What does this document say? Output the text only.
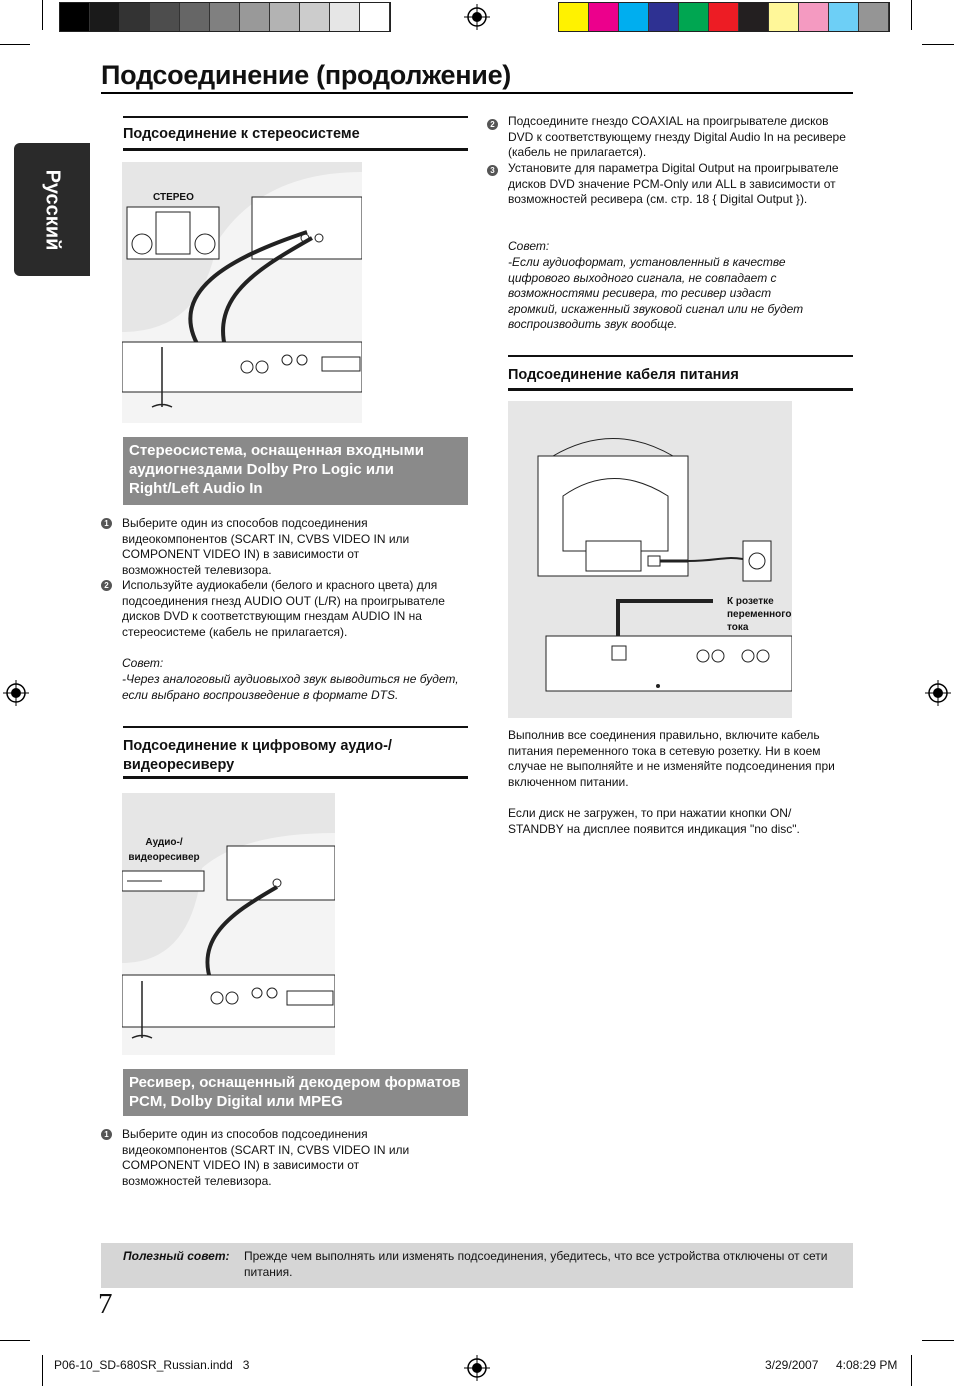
Подсоединение (продолжение)
Русский
Подсоединение к стереосистеме
СТЕРЕО
Стереосистема, оснащенная входными аудиогнездами Dolby Pro Logic или Right/Left Audio In
1 Выберите один из способов подсоединения видеокомпонентов (SCART IN, CVBS VIDEO IN или COMPONENT VIDEO IN) в зависимости от возможностей телевизора.
2 Используйте аудиокабели (белого и красного цвета) для подсоединения гнезд AUDIO OUT (L/R) на проигрывателе дисков DVD к соответствующим гнездам AUDIO IN на стереосистеме (кабель не прилагается).
Совет:
-Через аналоговый аудиовыход звук выводиться не будет, если выбрано воспроизведение в формате DTS.
Подсоединение к цифровому аудио-/ видеоресиверу
Аудио-/ видеоресивер
Ресивер, оснащенный декодером форматов PCM, Dolby Digital или MPEG
1 Выберите один из способов подсоединения видеокомпонентов (SCART IN, CVBS VIDEO IN или COMPONENT VIDEO IN) в зависимости от возможностей телевизора.
2 Подсоедините гнездо COAXIAL на проигрывателе дисков DVD к соответствующему гнезду Digital Audio In на ресивере (кабель не прилагается).
3 Установите для параметра Digital Output на проигрывателе дисков DVD значение PCM-Only или ALL в зависимости от возможностей ресивера (см. стр. 18 { Digital Output }).
Совет:
-Если аудиоформат, установленный в качестве цифрового выходного сигнала, не совпадает с возможностями ресивера, то ресивер издаст громкий, искаженный звуковой сигнал или не будет воспроизводить звук вообще.
Подсоединение кабеля питания
К розетке переменного тока
Выполнив все соединения правильно, включите кабель питания переменного тока в сетевую розетку. Ни в коем случае не выполняйте и не изменяйте подсоединения при включенном питании.
Если диск не загружен, то при нажатии кнопки ON/ STANDBY на дисплее появится индикация "no disc".
Полезный совет: Прежде чем выполнять или изменять подсоединения, убедитесь, что все устройства отключены от сети питания.
7
P06-10_SD-680SR_Russian.indd   3	3/29/2007 4:08:29 PM
